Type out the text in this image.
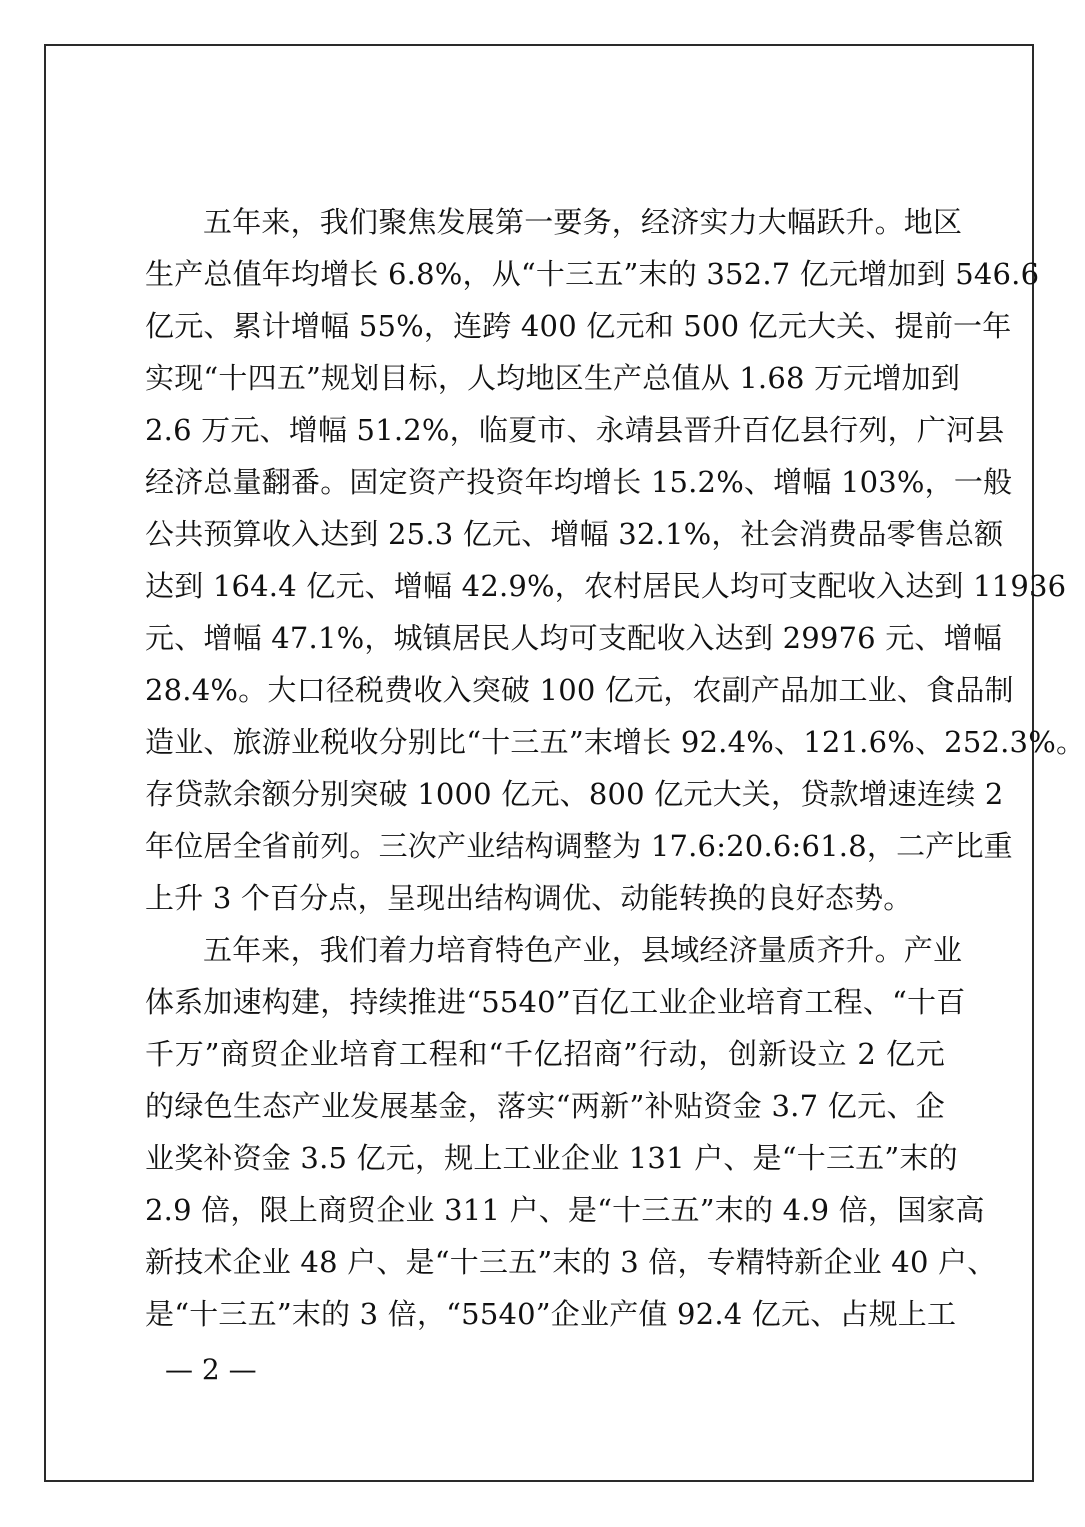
五年来，我们聚焦发展第一要务，经济实力大幅跃升。地区
生产总值年均增长 6.8%，从“十三五”末的 352.7 亿元增加到 546.6
亿元、累计增幅 55%，连跨 400 亿元和 500 亿元大关、提前一年
实现“十四五”规划目标，人均地区生产总值从 1.68 万元增加到
2.6 万元、增幅 51.2%，临夏市、永靖县晋升百亿县行列，广河县
经济总量翻番。固定资产投资年均增长 15.2%、增幅 103%，一般
公共预算收入达到 25.3 亿元、增幅 32.1%，社会消费品零售总额
达到 164.4 亿元、增幅 42.9%，农村居民人均可支配收入达到 11936
元、增幅 47.1%，城镇居民人均可支配收入达到 29976 元、增幅
28.4%。大口径税费收入突破 100 亿元，农副产品加工业、食品制
造业、旅游业税收分别比“十三五”末增长 92.4%、121.6%、252.3%。
存贷款余额分别突破 1000 亿元、800 亿元大关，贷款增速连续 2
年位居全省前列。三次产业结构调整为 17.6:20.6:61.8，二产比重
上升 3 个百分点，呈现出结构调优、动能转换的良好态势。
五年来，我们着力培育特色产业，县域经济量质齐升。产业
体系加速构建，持续推进“5540”百亿工业企业培育工程、“十百
千万”商贸企业培育工程和“千亿招商”行动，创新设立 2 亿元
的绿色生态产业发展基金，落实“两新”补贴资金 3.7 亿元、企
业奖补资金 3.5 亿元，规上工业企业 131 户、是“十三五”末的
2.9 倍，限上商贸企业 311 户、是“十三五”末的 4.9 倍，国家高
新技术企业 48 户、是“十三五”末的 3 倍，专精特新企业 40 户、
是“十三五”末的 3 倍，“5540”企业产值 92.4 亿元、占规上工
— 2 —
